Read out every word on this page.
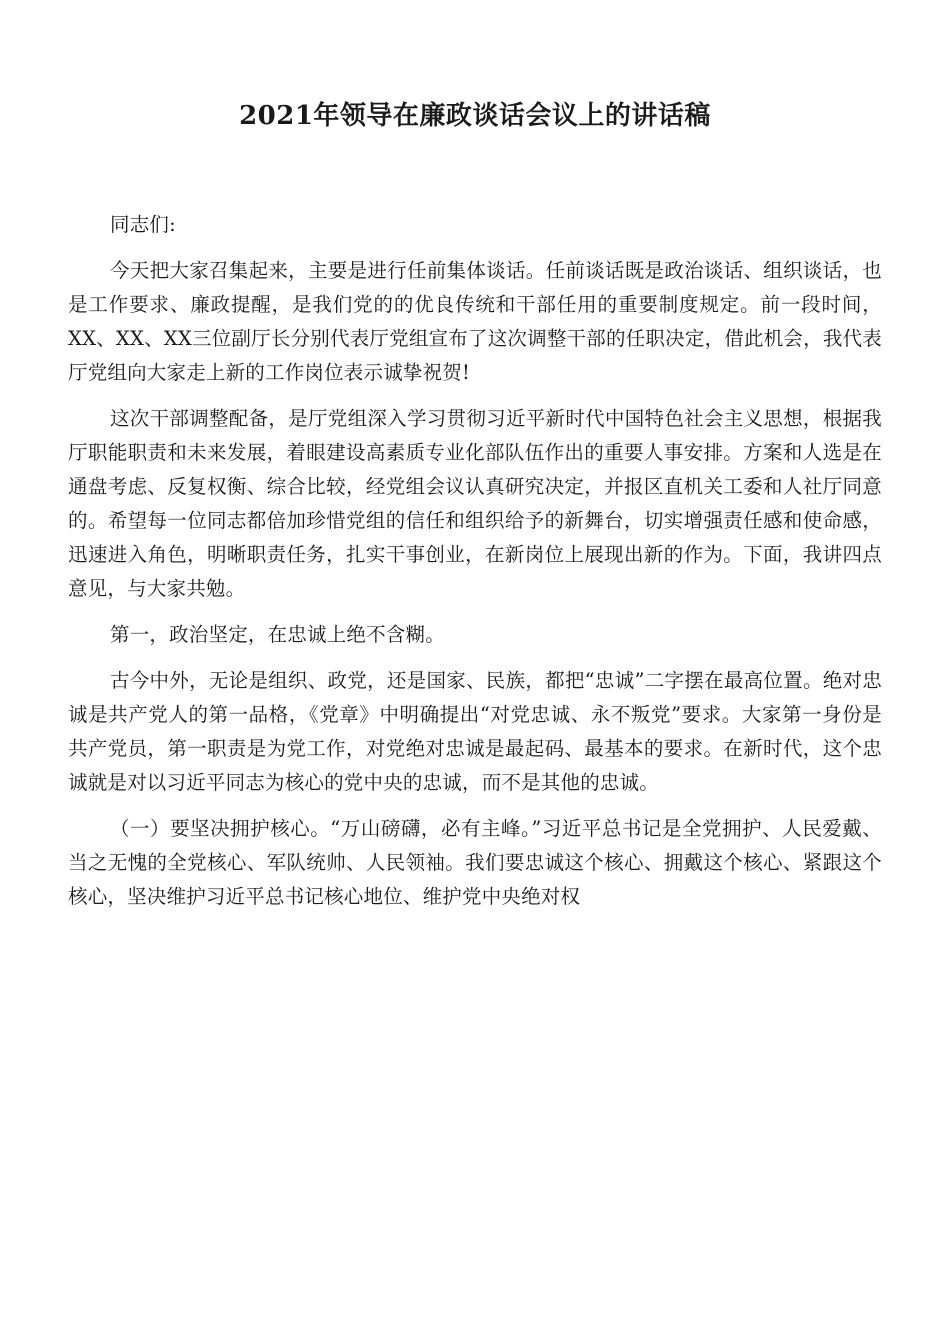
2021年领导在廉政谈话会议上的讲话稿

同志们:

今天把大家召集起来，主要是进行任前集体谈话。任前谈话既是政治谈话、组织谈话，也是工作要求、廉政提醒，是我们党的的优良传统和干部任用的重要制度规定。前一段时间，XX、XX、XX三位副厅长分别代表厅党组宣布了这次调整干部的任职决定，借此机会，我代表厅党组向大家走上新的工作岗位表示诚挚祝贺!

这次干部调整配备，是厅党组深入学习贯彻习近平新时代中国特色社会主义思想，根据我厅职能职责和未来发展，着眼建设高素质专业化部队伍作出的重要人事安排。方案和人选是在通盘考虑、反复权衡、综合比较，经党组会议认真研究决定，并报区直机关工委和人社厅同意的。希望每一位同志都倍加珍惜党组的信任和组织给予的新舞台，切实增强责任感和使命感，迅速进入角色，明晰职责任务，扎实干事创业，在新岗位上展现出新的作为。下面，我讲四点意见，与大家共勉。

第一，政治坚定，在忠诚上绝不含糊。

古今中外，无论是组织、政党，还是国家、民族，都把“忠诚”二字摆在最高位置。绝对忠诚是共产党人的第一品格，《党章》中明确提出“对党忠诚、永不叛党”要求。大家第一身份是共产党员，第一职责是为党工作，对党绝对忠诚是最起码、最基本的要求。在新时代，这个忠诚就是对以习近平同志为核心的党中央的忠诚，而不是其他的忠诚。

（一）要坚决拥护核心。“万山磅礴，必有主峰。”习近平总书记是全党拥护、人民爱戴、当之无愧的全党核心、军队统帅、人民领袖。我们要忠诚这个核心、拥戴这个核心、紧跟这个核心，坚决维护习近平总书记核心地位、维护党中央绝对权
